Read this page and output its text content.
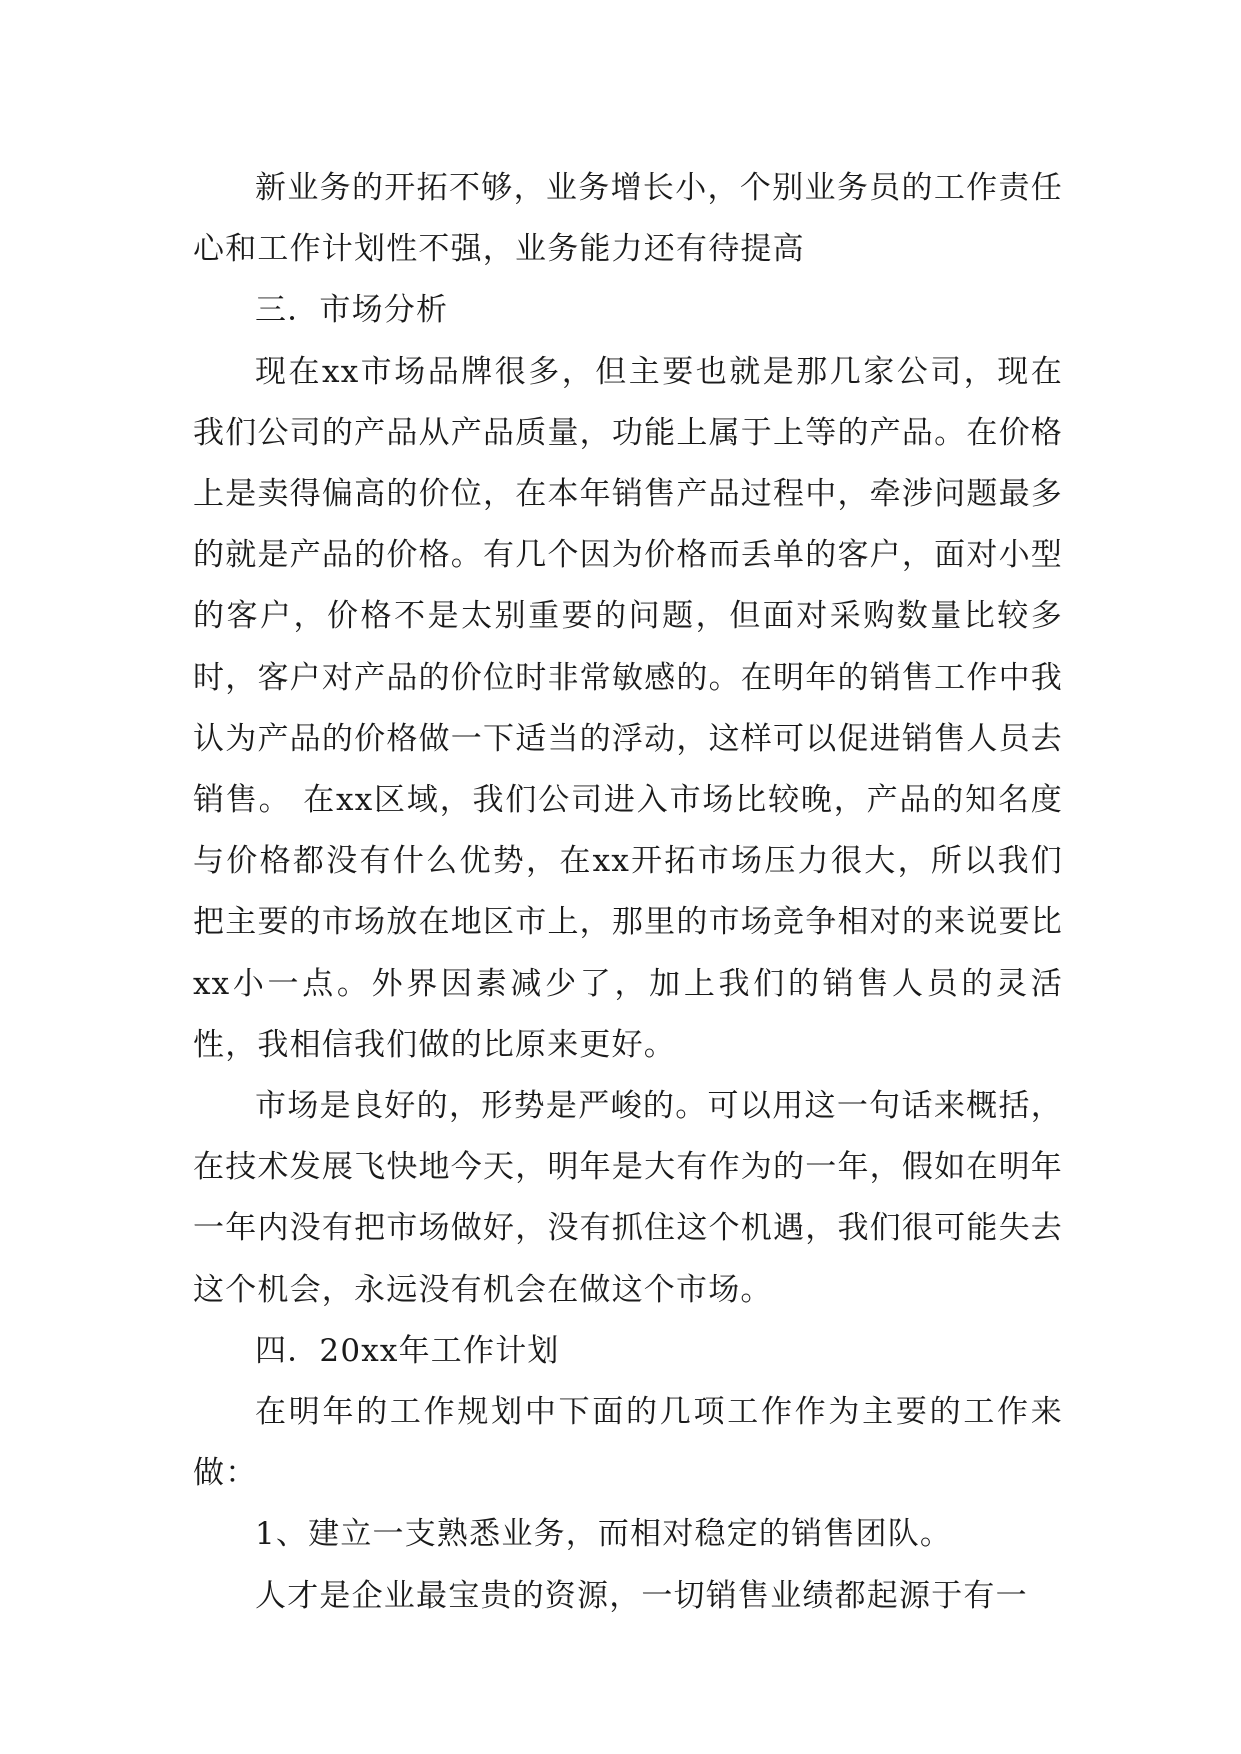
新业务的开拓不够，业务增长小，个别业务员的工作责任心和工作计划性不强，业务能力还有待提高

三．市场分析

现在xx市场品牌很多，但主要也就是那几家公司，现在我们公司的产品从产品质量，功能上属于上等的产品。在价格上是卖得偏高的价位，在本年销售产品过程中，牵涉问题最多的就是产品的价格。有几个因为价格而丢单的客户，面对小型的客户，价格不是太别重要的问题，但面对采购数量比较多时，客户对产品的价位时非常敏感的。在明年的销售工作中我认为产品的价格做一下适当的浮动，这样可以促进销售人员去销售。 在xx区域，我们公司进入市场比较晚，产品的知名度与价格都没有什么优势，在xx开拓市场压力很大，所以我们把主要的市场放在地区市上，那里的市场竞争相对的来说要比xx小一点。外界因素减少了，加上我们的销售人员的灵活性，我相信我们做的比原来更好。

市场是良好的，形势是严峻的。可以用这一句话来概括，在技术发展飞快地今天，明年是大有作为的一年，假如在明年一年内没有把市场做好，没有抓住这个机遇，我们很可能失去这个机会，永远没有机会在做这个市场。

四．20xx年工作计划

在明年的工作规划中下面的几项工作作为主要的工作来做：

1、建立一支熟悉业务，而相对稳定的销售团队。

人才是企业最宝贵的资源，一切销售业绩都起源于有一
